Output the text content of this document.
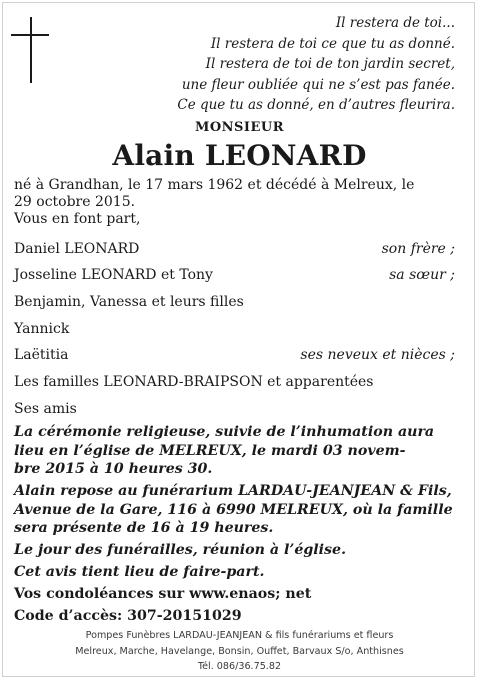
Il restera de toi...
Il restera de toi ce que tu as donné.
Il restera de toi de ton jardin secret,
une fleur oubliée qui ne s’est pas fanée.
Ce que tu as donné, en d’autres fleurira.
MONSIEUR
Alain LEONARD
né à Grandhan, le 17 mars 1962 et décédé à Melreux, le
29 octobre 2015.
Vous en font part,
Daniel LEONARD	son frère ;
Josseline LEONARD et Tony	sa sœur ;
Benjamin, Vanessa et leurs filles
Yannick
Laëtitia	ses neveux et nièces ;
Les familles LEONARD-BRAIPSON et apparentées
Ses amis
La cérémonie religieuse, suivie de l’inhumation aura
lieu en l’église de MELREUX, le mardi 03 novem-
bre 2015 à 10 heures 30.
Alain repose au funérarium LARDAU-JEANJEAN & Fils,
Avenue de la Gare, 116 à 6990 MELREUX, où la famille
sera présente de 16 à 19 heures.
Le jour des funérailles, réunion à l’église.
Cet avis tient lieu de faire-part.
Vos condoléances sur www.enaos; net
Code d’accès: 307-20151029
Pompes Funèbres LARDAU-JEANJEAN & fils funérariums et fleurs
Melreux, Marche, Havelange, Bonsin, Ouffet, Barvaux S/o, Anthisnes
Tél. 086/36.75.82
